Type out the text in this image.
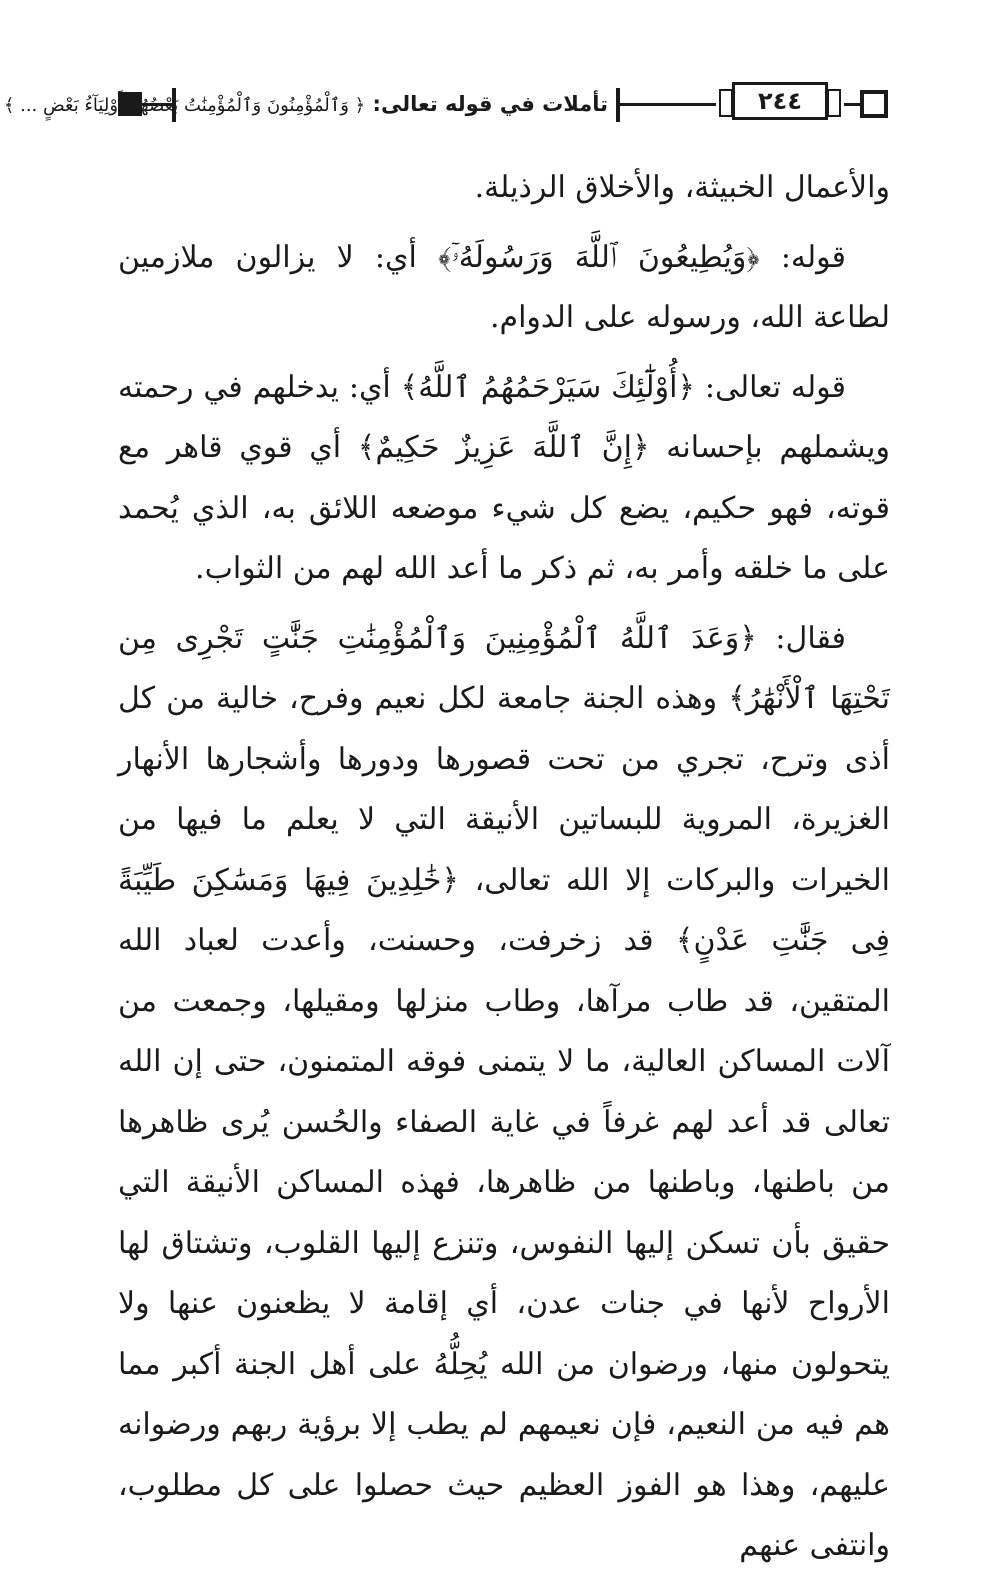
تأملات في قوله تعالى: ﴿ وَٱلْمُؤْمِنُونَ وَٱلْمُؤْمِنَٰتُ بَعْضُهُمْ أَوْلِيَآءُ بَعْضٍ ... ﴾	٢٤٤

والأعمال الخبيثة، والأخلاق الرذيلة.

قوله: ﴿وَيُطِيعُونَ ٱللَّهَ وَرَسُولَهُۥٓ﴾ أي: لا يزالون ملازمين لطاعة الله، ورسوله على الدوام.

قوله تعالى: ﴿أُوْلَٰٓئِكَ سَيَرْحَمُهُمُ ٱللَّهُ﴾ أي: يدخلهم في رحمته ويشملهم بإحسانه ﴿إِنَّ ٱللَّهَ عَزِيزٌ حَكِيمٌ﴾ أي قوي قاهر مع قوته، فهو حكيم، يضع كل شيء موضعه اللائق به، الذي يُحمد على ما خلقه وأمر به، ثم ذكر ما أعد الله لهم من الثواب.

فقال: ﴿وَعَدَ ٱللَّهُ ٱلْمُؤْمِنِينَ وَٱلْمُؤْمِنَٰتِ جَنَّٰتٍ تَجْرِى مِن تَحْتِهَا ٱلْأَنْهَٰرُ﴾ وهذه الجنة جامعة لكل نعيم وفرح، خالية من كل أذى وترح، تجري من تحت قصورها ودورها وأشجارها الأنهار الغزيرة، المروية للبساتين الأنيقة التي لا يعلم ما فيها من الخيرات والبركات إلا الله تعالى، ﴿خَٰلِدِينَ فِيهَا وَمَسَٰكِنَ طَيِّبَةً فِى جَنَّٰتِ عَدْنٍ﴾ قد زخرفت، وحسنت، وأعدت لعباد الله المتقين، قد طاب مرآها، وطاب منزلها ومقيلها، وجمعت من آلات المساكن العالية، ما لا يتمنى فوقه المتمنون، حتى إن الله تعالى قد أعد لهم غرفاً في غاية الصفاء والحُسن يُرى ظاهرها من باطنها، وباطنها من ظاهرها، فهذه المساكن الأنيقة التي حقيق بأن تسكن إليها النفوس، وتنزع إليها القلوب، وتشتاق لها الأرواح لأنها في جنات عدن، أي إقامة لا يظعنون عنها ولا يتحولون منها، ورضوان من الله يُحِلُّهُ على أهل الجنة أكبر مما هم فيه من النعيم، فإن نعيمهم لم يطب إلا برؤية ربهم ورضوانه عليهم، وهذا هو الفوز العظيم حيث حصلوا على كل مطلوب، وانتفى عنهم
